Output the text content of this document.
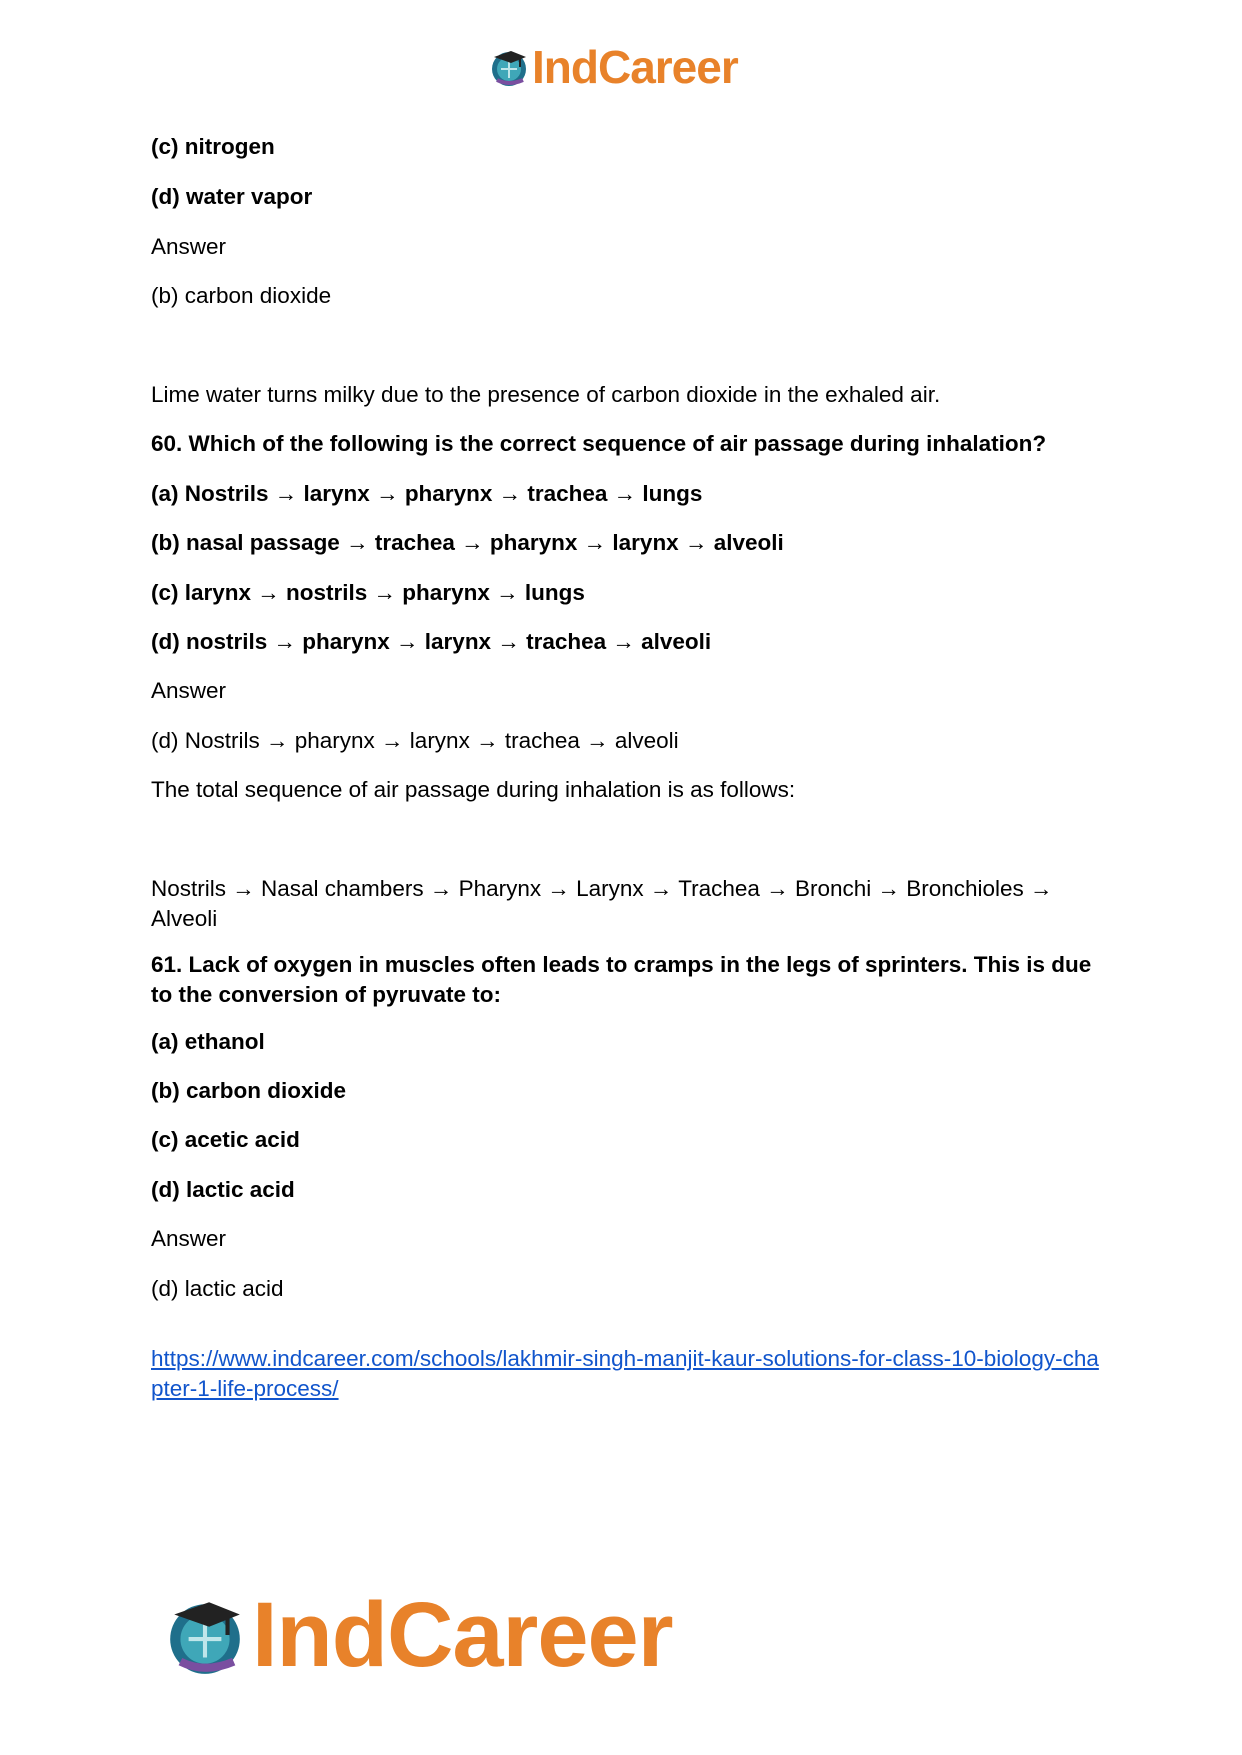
IndCareer
(c) nitrogen
(d) water vapor
Answer
(b) carbon dioxide
Lime water turns milky due to the presence of carbon dioxide in the exhaled air.
60. Which of the following is the correct sequence of air passage during inhalation?
(a) Nostrils → larynx → pharynx → trachea → lungs
(b) nasal passage → trachea → pharynx → larynx → alveoli
(c) larynx → nostrils → pharynx → lungs
(d) nostrils → pharynx → larynx → trachea → alveoli
Answer
(d) Nostrils → pharynx → larynx → trachea → alveoli
The total sequence of air passage during inhalation is as follows:
Nostrils → Nasal chambers → Pharynx → Larynx → Trachea → Bronchi → Bronchioles → Alveoli
61. Lack of oxygen in muscles often leads to cramps in the legs of sprinters. This is due to the conversion of pyruvate to:
(a) ethanol
(b) carbon dioxide
(c) acetic acid
(d) lactic acid
Answer
(d) lactic acid
https://www.indcareer.com/schools/lakhmir-singh-manjit-kaur-solutions-for-class-10-biology-chapter-1-life-process/
IndCareer
